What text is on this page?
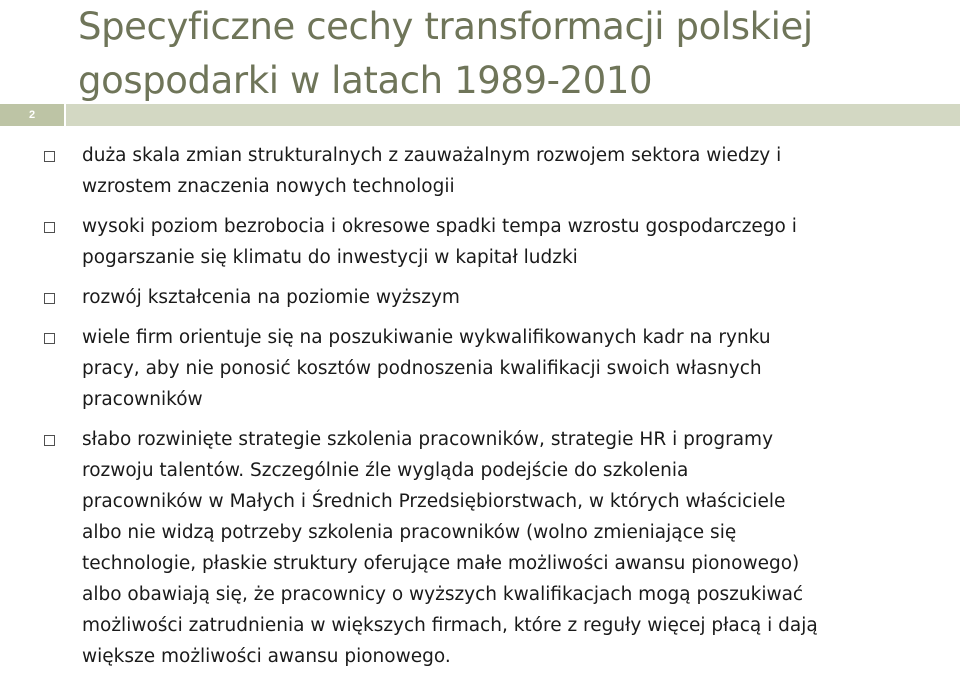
Specyficzne cechy transformacji polskiej
gospodarki w latach 1989-2010
2

duża skala zmian strukturalnych z zauważalnym rozwojem sektora wiedzy i
wzrostem znaczenia nowych technologii

wysoki poziom bezrobocia i okresowe spadki tempa wzrostu gospodarczego i
pogarszanie się klimatu do inwestycji w kapitał ludzki

rozwój kształcenia na poziomie wyższym

wiele firm orientuje się na poszukiwanie wykwalifikowanych kadr na rynku
pracy, aby nie ponosić kosztów podnoszenia kwalifikacji swoich własnych
pracowników

słabo rozwinięte strategie szkolenia pracowników, strategie HR i programy
rozwoju talentów. Szczególnie źle wygląda podejście do szkolenia
pracowników w Małych i Średnich Przedsiębiorstwach, w których właściciele
albo nie widzą potrzeby szkolenia pracowników (wolno zmieniające się
technologie, płaskie struktury oferujące małe możliwości awansu pionowego)
albo obawiają się, że pracownicy o wyższych kwalifikacjach mogą poszukiwać
możliwości zatrudnienia w większych firmach, które z reguły więcej płacą i dają
większe możliwości awansu pionowego.
